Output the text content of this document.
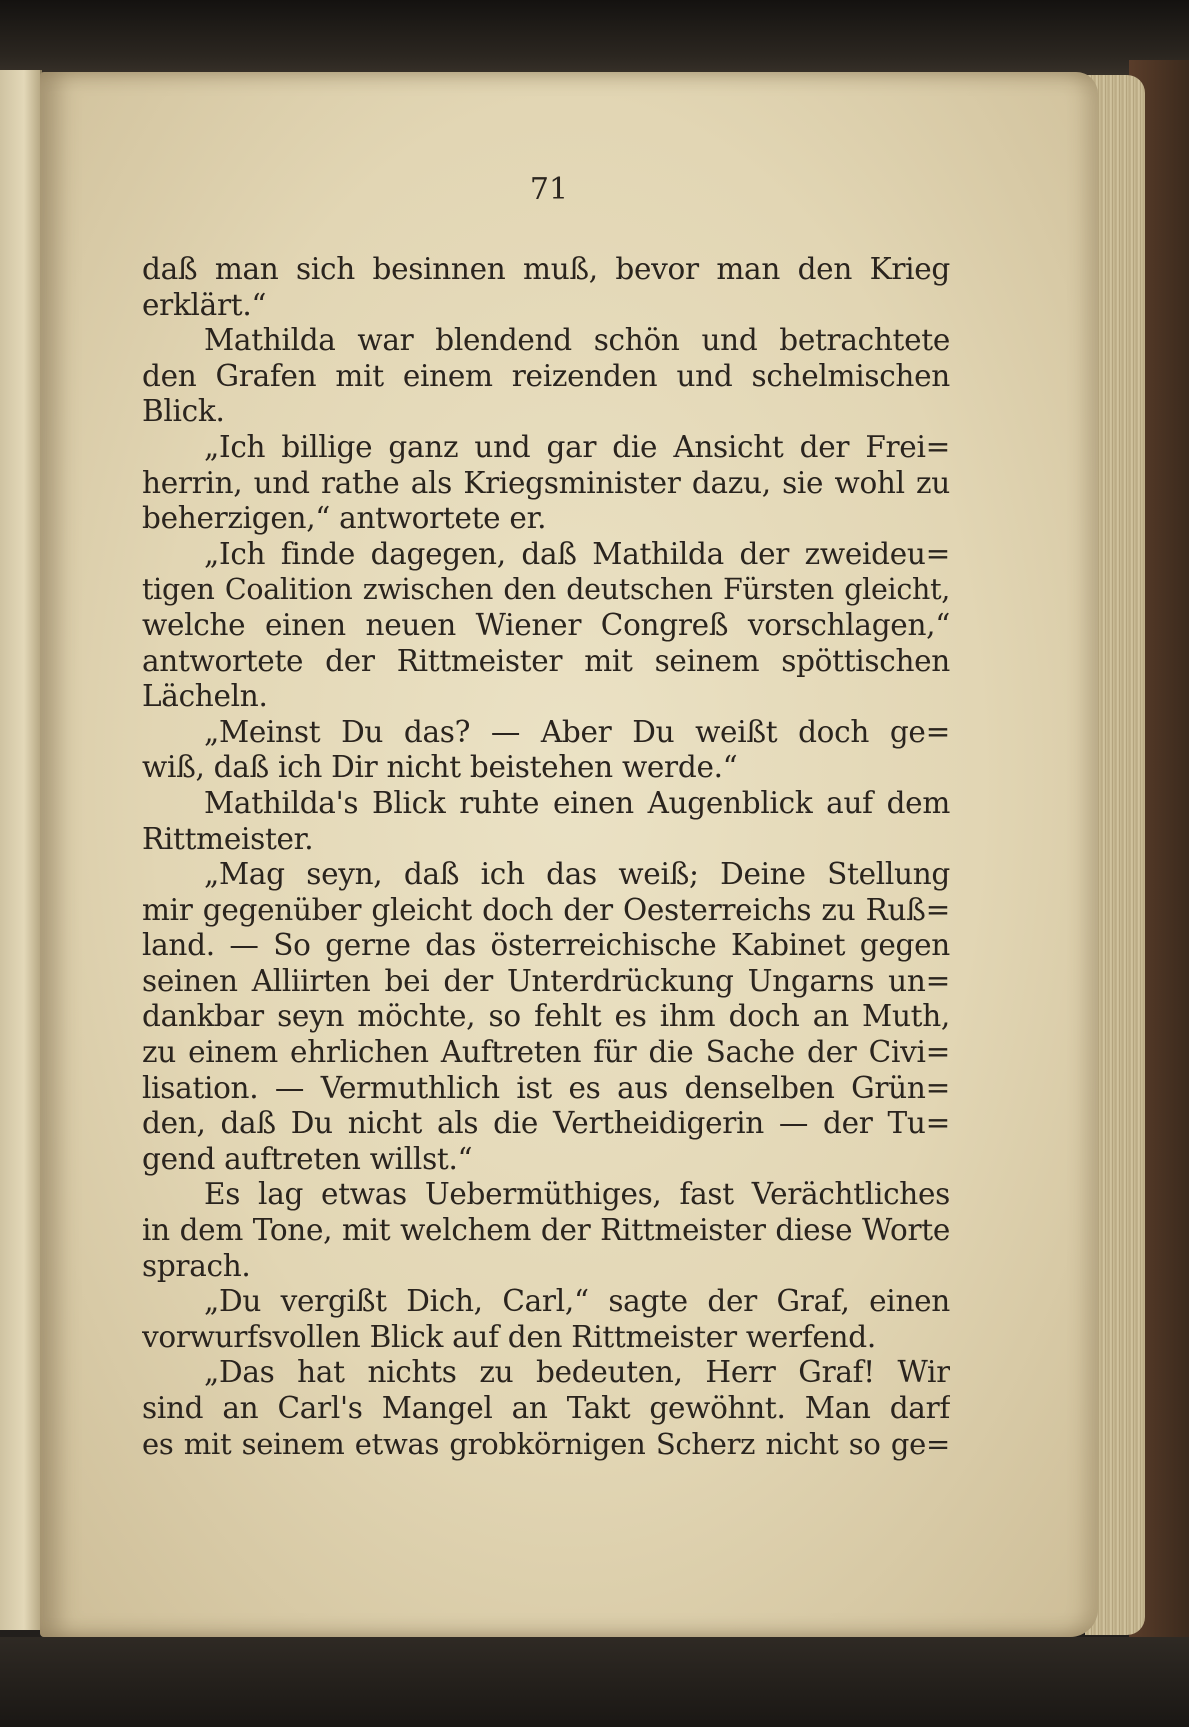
71
daß man sich besinnen muß, bevor man den Krieg
erklärt.“
Mathilda war blendend schön und betrachtete
den Grafen mit einem reizenden und schelmischen
Blick.
„Ich billige ganz und gar die Ansicht der Frei=
herrin, und rathe als Kriegsminister dazu, sie wohl zu
beherzigen,“ antwortete er.
„Ich finde dagegen, daß Mathilda der zweideu=
tigen Coalition zwischen den deutschen Fürsten gleicht,
welche einen neuen Wiener Congreß vorschlagen,“
antwortete der Rittmeister mit seinem spöttischen
Lächeln.
„Meinst Du das? — Aber Du weißt doch ge=
wiß, daß ich Dir nicht beistehen werde.“
Mathilda's Blick ruhte einen Augenblick auf dem
Rittmeister.
„Mag seyn, daß ich das weiß; Deine Stellung
mir gegenüber gleicht doch der Oesterreichs zu Ruß=
land. — So gerne das österreichische Kabinet gegen
seinen Alliirten bei der Unterdrückung Ungarns un=
dankbar seyn möchte, so fehlt es ihm doch an Muth,
zu einem ehrlichen Auftreten für die Sache der Civi=
lisation. — Vermuthlich ist es aus denselben Grün=
den, daß Du nicht als die Vertheidigerin — der Tu=
gend auftreten willst.“
Es lag etwas Uebermüthiges, fast Verächtliches
in dem Tone, mit welchem der Rittmeister diese Worte
sprach.
„Du vergißt Dich, Carl,“ sagte der Graf, einen
vorwurfsvollen Blick auf den Rittmeister werfend.
„Das hat nichts zu bedeuten, Herr Graf! Wir
sind an Carl's Mangel an Takt gewöhnt. Man darf
es mit seinem etwas grobkörnigen Scherz nicht so ge=
